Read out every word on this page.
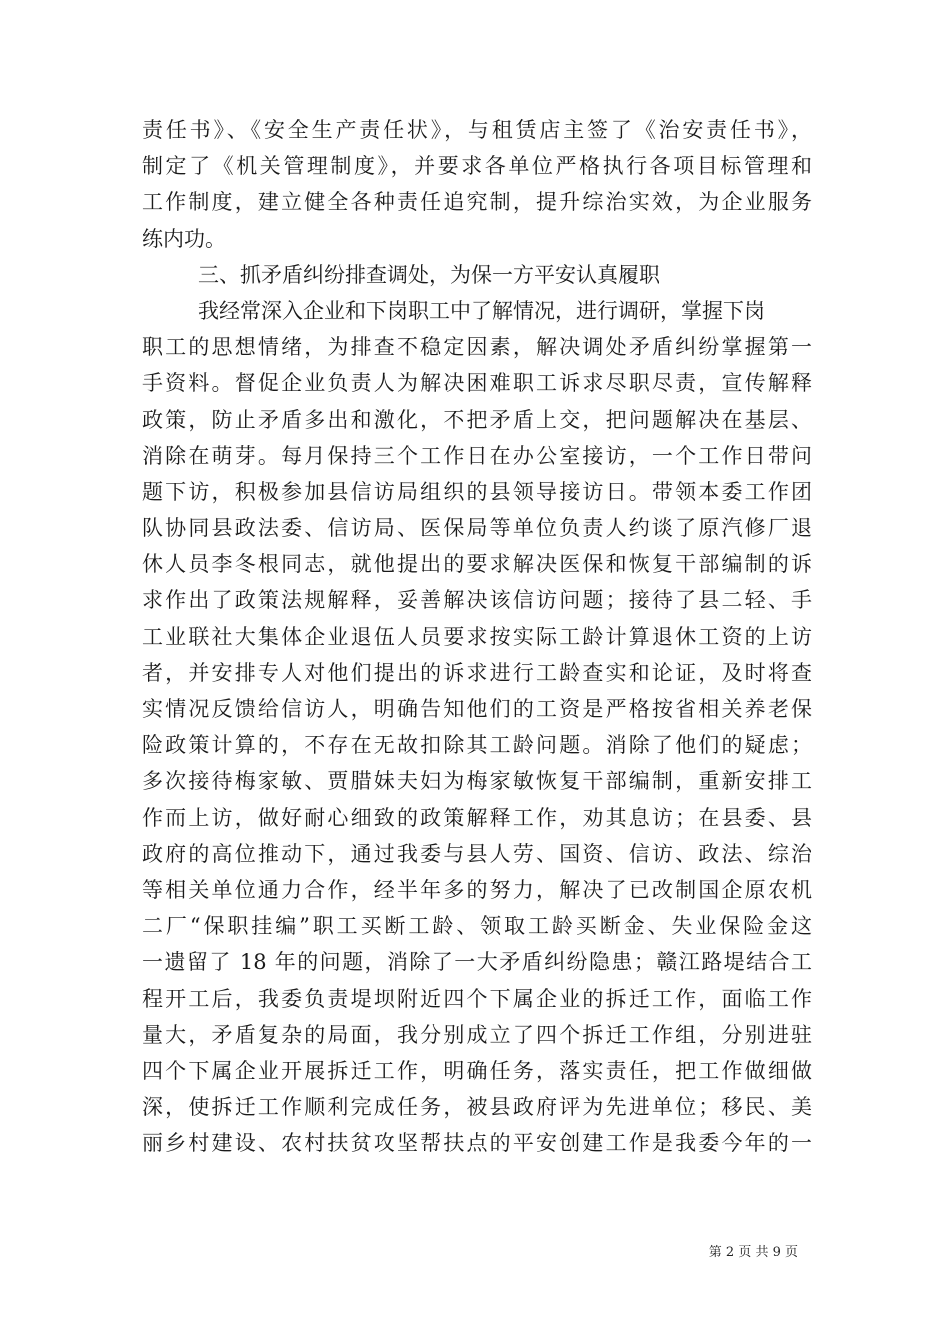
责任书》、《安全生产责任状》，与租赁店主签了《治安责任书》，
制定了《机关管理制度》，并要求各单位严格执行各项目标管理和
工作制度，建立健全各种责任追究制，提升综治实效，为企业服务
练内功。
三、抓矛盾纠纷排查调处，为保一方平安认真履职
我经常深入企业和下岗职工中了解情况，进行调研，掌握下岗
职工的思想情绪，为排查不稳定因素，解决调处矛盾纠纷掌握第一
手资料。督促企业负责人为解决困难职工诉求尽职尽责，宣传解释
政策，防止矛盾多出和激化，不把矛盾上交，把问题解决在基层、
消除在萌芽。每月保持三个工作日在办公室接访，一个工作日带问
题下访，积极参加县信访局组织的县领导接访日。带领本委工作团
队协同县政法委、信访局、医保局等单位负责人约谈了原汽修厂退
休人员李冬根同志，就他提出的要求解决医保和恢复干部编制的诉
求作出了政策法规解释，妥善解决该信访问题；接待了县二轻、手
工业联社大集体企业退伍人员要求按实际工龄计算退休工资的上访
者，并安排专人对他们提出的诉求进行工龄查实和论证，及时将查
实情况反馈给信访人，明确告知他们的工资是严格按省相关养老保
险政策计算的，不存在无故扣除其工龄问题。消除了他们的疑虑；
多次接待梅家敏、贾腊妹夫妇为梅家敏恢复干部编制，重新安排工
作而上访，做好耐心细致的政策解释工作，劝其息访；在县委、县
政府的高位推动下，通过我委与县人劳、国资、信访、政法、综治
等相关单位通力合作，经半年多的努力，解决了已改制国企原农机
二厂“保职挂编”职工买断工龄、领取工龄买断金、失业保险金这
一遗留了 18 年的问题，消除了一大矛盾纠纷隐患；赣江路堤结合工
程开工后，我委负责堤坝附近四个下属企业的拆迁工作，面临工作
量大，矛盾复杂的局面，我分别成立了四个拆迁工作组，分别进驻
四个下属企业开展拆迁工作，明确任务，落实责任，把工作做细做
深，使拆迁工作顺利完成任务，被县政府评为先进单位；移民、美
丽乡村建设、农村扶贫攻坚帮扶点的平安创建工作是我委今年的一
第 2 页 共 9 页
